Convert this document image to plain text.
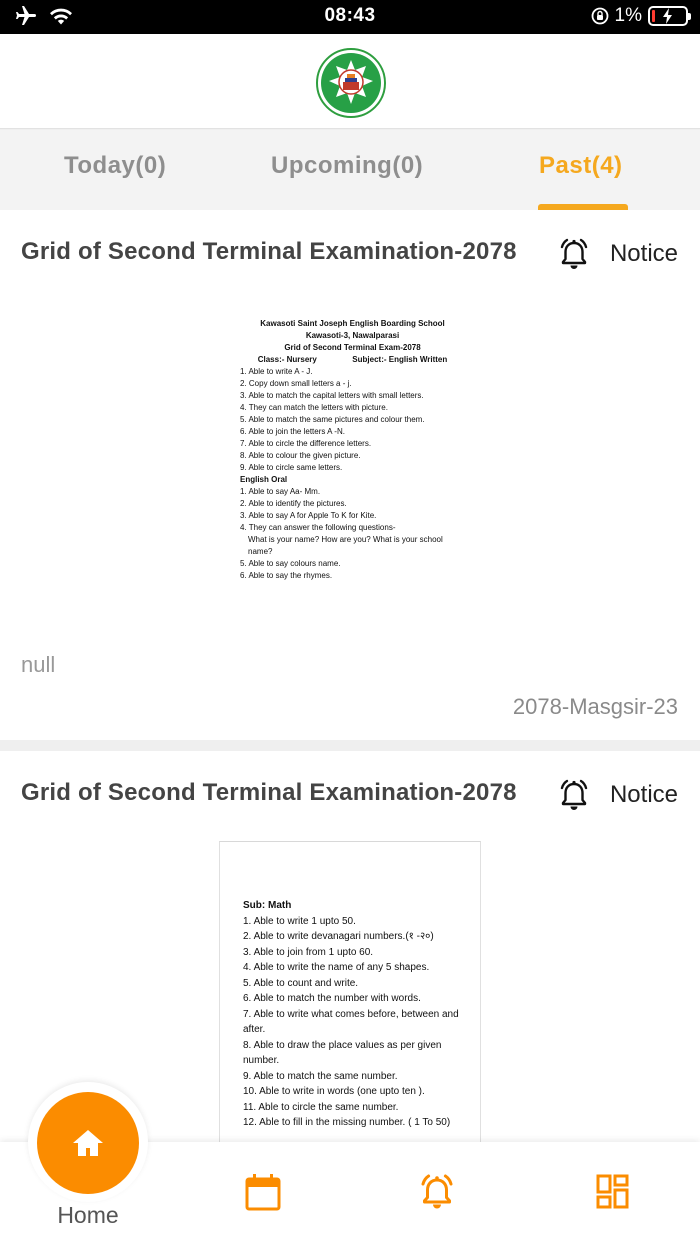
08:43	1%
Today(0)	Upcoming(0)	Past(4)
Grid of Second Terminal Examination-2078	Notice
Kawasoti Saint Joseph English Boarding School
Kawasoti-3, Nawalparasi
Grid of Second Terminal Exam-2078
Class:- Nursery	Subject:- English Written
1. Able to write A - J.
2. Copy down small letters a - j.
3. Able to match the capital letters with small letters.
4. They can match the letters with picture.
5. Able to match the same pictures and colour them.
6. Able to join the letters A -N.
7. Able to circle the difference letters.
8. Able to colour the given picture.
9. Able to circle same letters.
English Oral
1. Able to say Aa- Mm.
2. Able to identify the pictures.
3. Able to say A for Apple To K for Kite.
4. They can answer the following questions-
What is your name? How are you? What is your school name?
5. Able to say colours name.
6. Able to say the rhymes.
null
2078-Masgsir-23
Grid of Second Terminal Examination-2078	Notice
Sub: Math
1. Able to write 1 upto 50.
2. Able to write devanagari numbers.(१ -२०)
3. Able to join from 1 upto 60.
4. Able to write the name of any 5 shapes.
5. Able to count and write.
6. Able to match the number with words.
7. Able to write what comes before, between and after.
8. Able to draw the place values as per given number.
9. Able to match the same number.
10. Able to write in words (one upto ten ).
11. Able to circle the same number.
12. Able to fill in the missing number. ( 1 To 50)
Home
